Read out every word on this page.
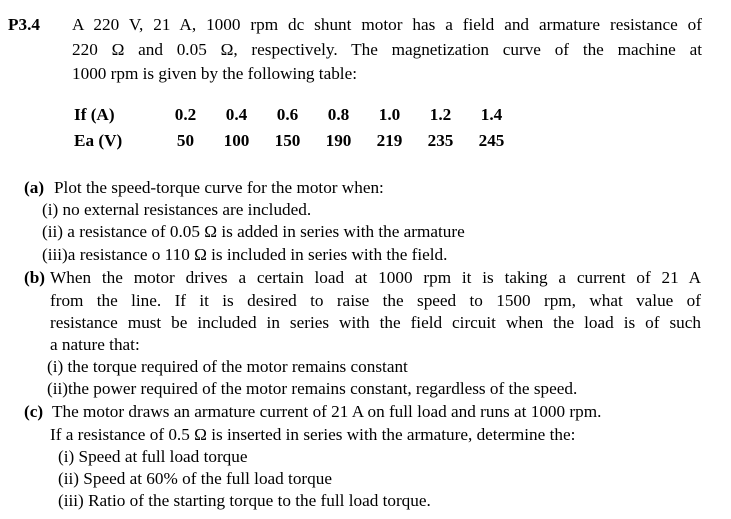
P3.4 A 220 V, 21 A, 1000 rpm dc shunt motor has a field and armature resistance of
220 Ω and 0.05 Ω, respectively. The magnetization curve of the machine at
1000 rpm is given by the following table:
If (A)	0.2	0.4	0.6	0.8	1.0	1.2	1.4
Ea (V)	50	100	150	190	219	235	245
(a) Plot the speed-torque curve for the motor when:
(i) no external resistances are included.
(ii) a resistance of 0.05 Ω is added in series with the armature
(iii)a resistance o 110 Ω is included in series with the field.
(b) When the motor drives a certain load at 1000 rpm it is taking a current of 21 A
from the line. If it is desired to raise the speed to 1500 rpm, what value of
resistance must be included in series with the field circuit when the load is of such
a nature that:
(i) the torque required of the motor remains constant
(ii)the power required of the motor remains constant, regardless of the speed.
(c) The motor draws an armature current of 21 A on full load and runs at 1000 rpm.
If a resistance of 0.5 Ω is inserted in series with the armature, determine the:
(i) Speed at full load torque
(ii) Speed at 60% of the full load torque
(iii) Ratio of the starting torque to the full load torque.
